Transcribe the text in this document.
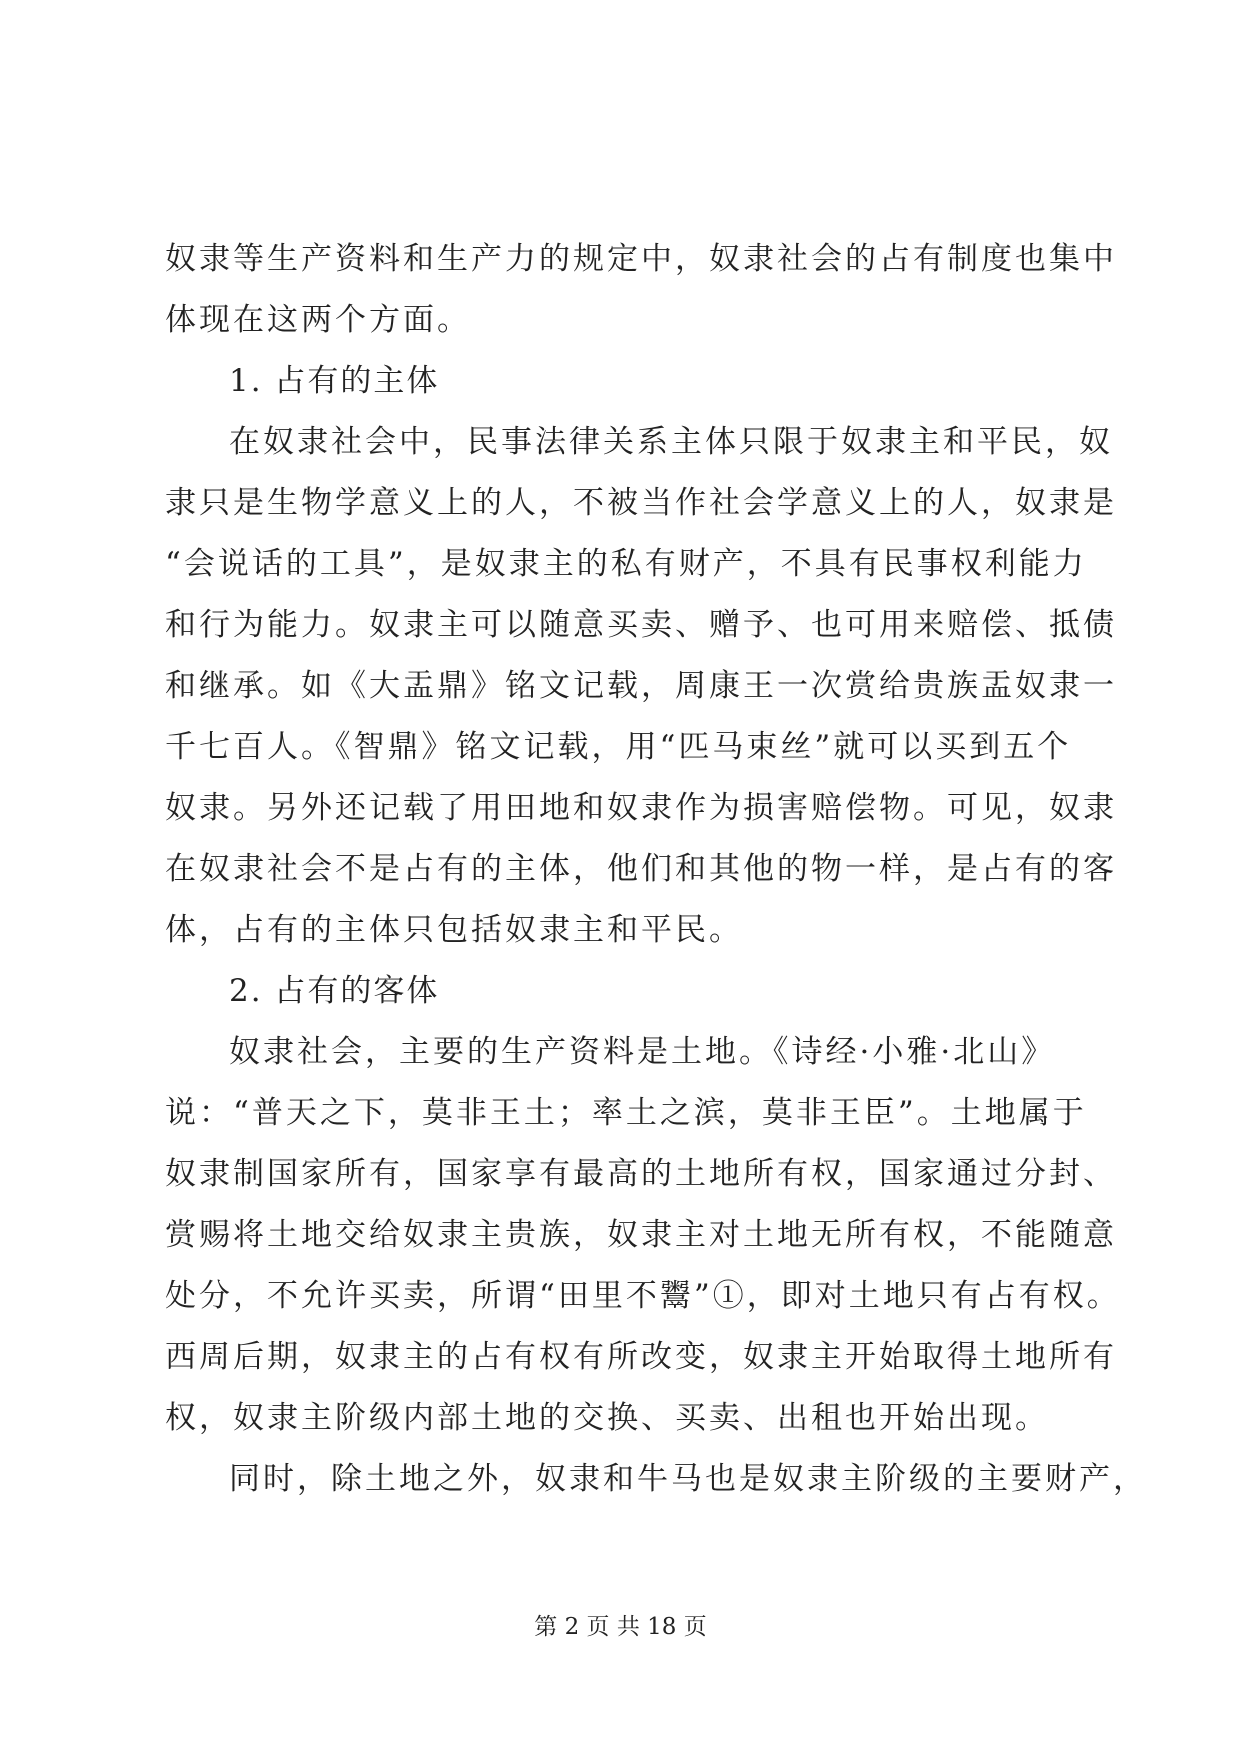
奴隶等生产资料和生产力的规定中，奴隶社会的占有制度也集中
体现在这两个方面。
1. 占有的主体
在奴隶社会中，民事法律关系主体只限于奴隶主和平民，奴
隶只是生物学意义上的人，不被当作社会学意义上的人，奴隶是
“会说话的工具”，是奴隶主的私有财产，不具有民事权利能力
和行为能力。奴隶主可以随意买卖、赠予、也可用来赔偿、抵债
和继承。如《大盂鼎》铭文记载，周康王一次赏给贵族盂奴隶一
千七百人。《智鼎》铭文记载，用“匹马束丝”就可以买到五个
奴隶。另外还记载了用田地和奴隶作为损害赔偿物。可见，奴隶
在奴隶社会不是占有的主体，他们和其他的物一样，是占有的客
体，占有的主体只包括奴隶主和平民。
2. 占有的客体
奴隶社会，主要的生产资料是土地。《诗经·小雅·北山》
说：“普天之下，莫非王土；率土之滨，莫非王臣”。土地属于
奴隶制国家所有，国家享有最高的土地所有权，国家通过分封、
赏赐将土地交给奴隶主贵族，奴隶主对土地无所有权，不能随意
处分，不允许买卖，所谓“田里不鬻”①，即对土地只有占有权。
西周后期，奴隶主的占有权有所改变，奴隶主开始取得土地所有
权，奴隶主阶级内部土地的交换、买卖、出租也开始出现。
同时，除土地之外，奴隶和牛马也是奴隶主阶级的主要财产，
第 2 页 共 18 页
